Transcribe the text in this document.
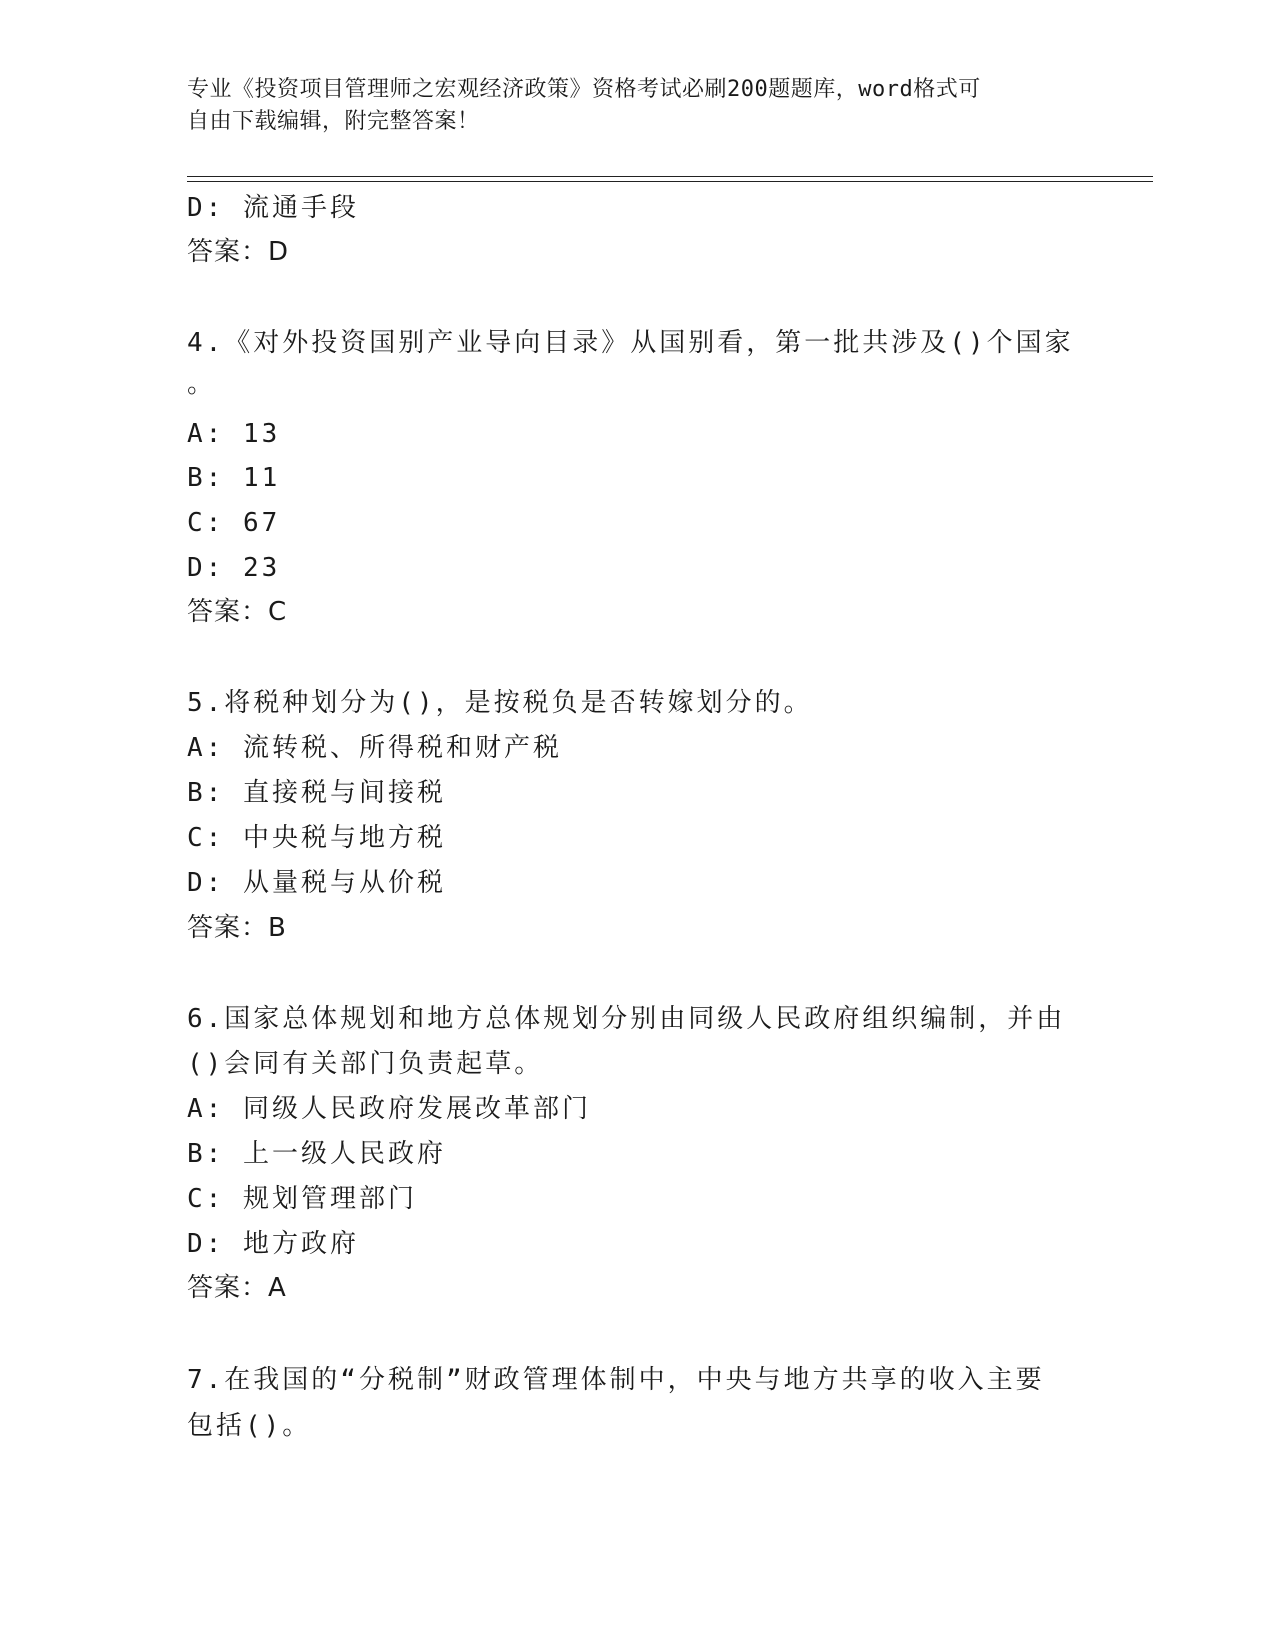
专业《投资项目管理师之宏观经济政策》资格考试必刷200题题库，word格式可
自由下载编辑，附完整答案！
D: 流通手段
答案：D
4.《对外投资国别产业导向目录》从国别看，第一批共涉及()个国家
。
A: 13
B: 11
C: 67
D: 23
答案：C
5.将税种划分为()，是按税负是否转嫁划分的。
A: 流转税、所得税和财产税
B: 直接税与间接税
C: 中央税与地方税
D: 从量税与从价税
答案：B
6.国家总体规划和地方总体规划分别由同级人民政府组织编制，并由
()会同有关部门负责起草。
A: 同级人民政府发展改革部门
B: 上一级人民政府
C: 规划管理部门
D: 地方政府
答案：A
7.在我国的“分税制”财政管理体制中，中央与地方共享的收入主要
包括()。
